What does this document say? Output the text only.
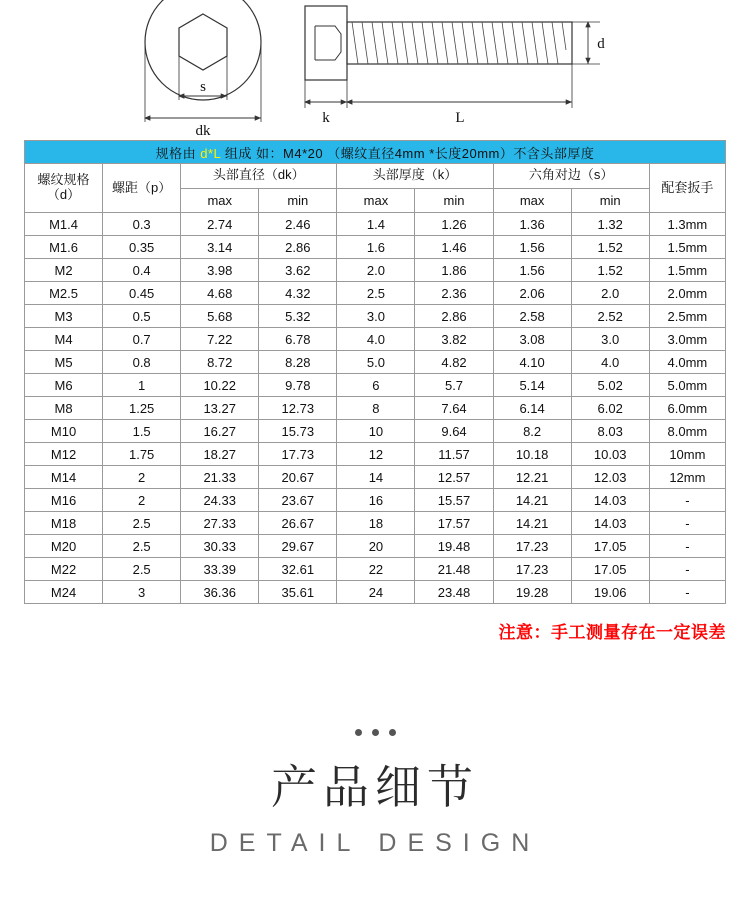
s
dk
k	L
d
规格由 d*L 组成 如：M4*20 （螺纹直径4mm *长度20mm）不含头部厚度								

螺纹规格
（d）	螺距（p）	头部直径（dk）		头部厚度（k）		六角对边（s）		配套扳手
		max	min	max	min	max	min	
M1.4	0.3	2.74	2.46	1.4	1.26	1.36	1.32	1.3mm
M1.6	0.35	3.14	2.86	1.6	1.46	1.56	1.52	1.5mm
M2	0.4	3.98	3.62	2.0	1.86	1.56	1.52	1.5mm
M2.5	0.45	4.68	4.32	2.5	2.36	2.06	2.0	2.0mm
M3	0.5	5.68	5.32	3.0	2.86	2.58	2.52	2.5mm
M4	0.7	7.22	6.78	4.0	3.82	3.08	3.0	3.0mm
M5	0.8	8.72	8.28	5.0	4.82	4.10	4.0	4.0mm
M6	1	10.22	9.78	6	5.7	5.14	5.02	5.0mm
M8	1.25	13.27	12.73	8	7.64	6.14	6.02	6.0mm
M10	1.5	16.27	15.73	10	9.64	8.2	8.03	8.0mm
M12	1.75	18.27	17.73	12	11.57	10.18	10.03	10mm
M14	2	21.33	20.67	14	12.57	12.21	12.03	12mm
M16	2	24.33	23.67	16	15.57	14.21	14.03	-
M18	2.5	27.33	26.67	18	17.57	14.21	14.03	-
M20	2.5	30.33	29.67	20	19.48	17.23	17.05	-
M22	2.5	33.39	32.61	22	21.48	17.23	17.05	-
M24	3	36.36	35.61	24	23.48	19.28	19.06	-
注意：手工测量存在一定误差
产品细节
DETAIL DESIGN
